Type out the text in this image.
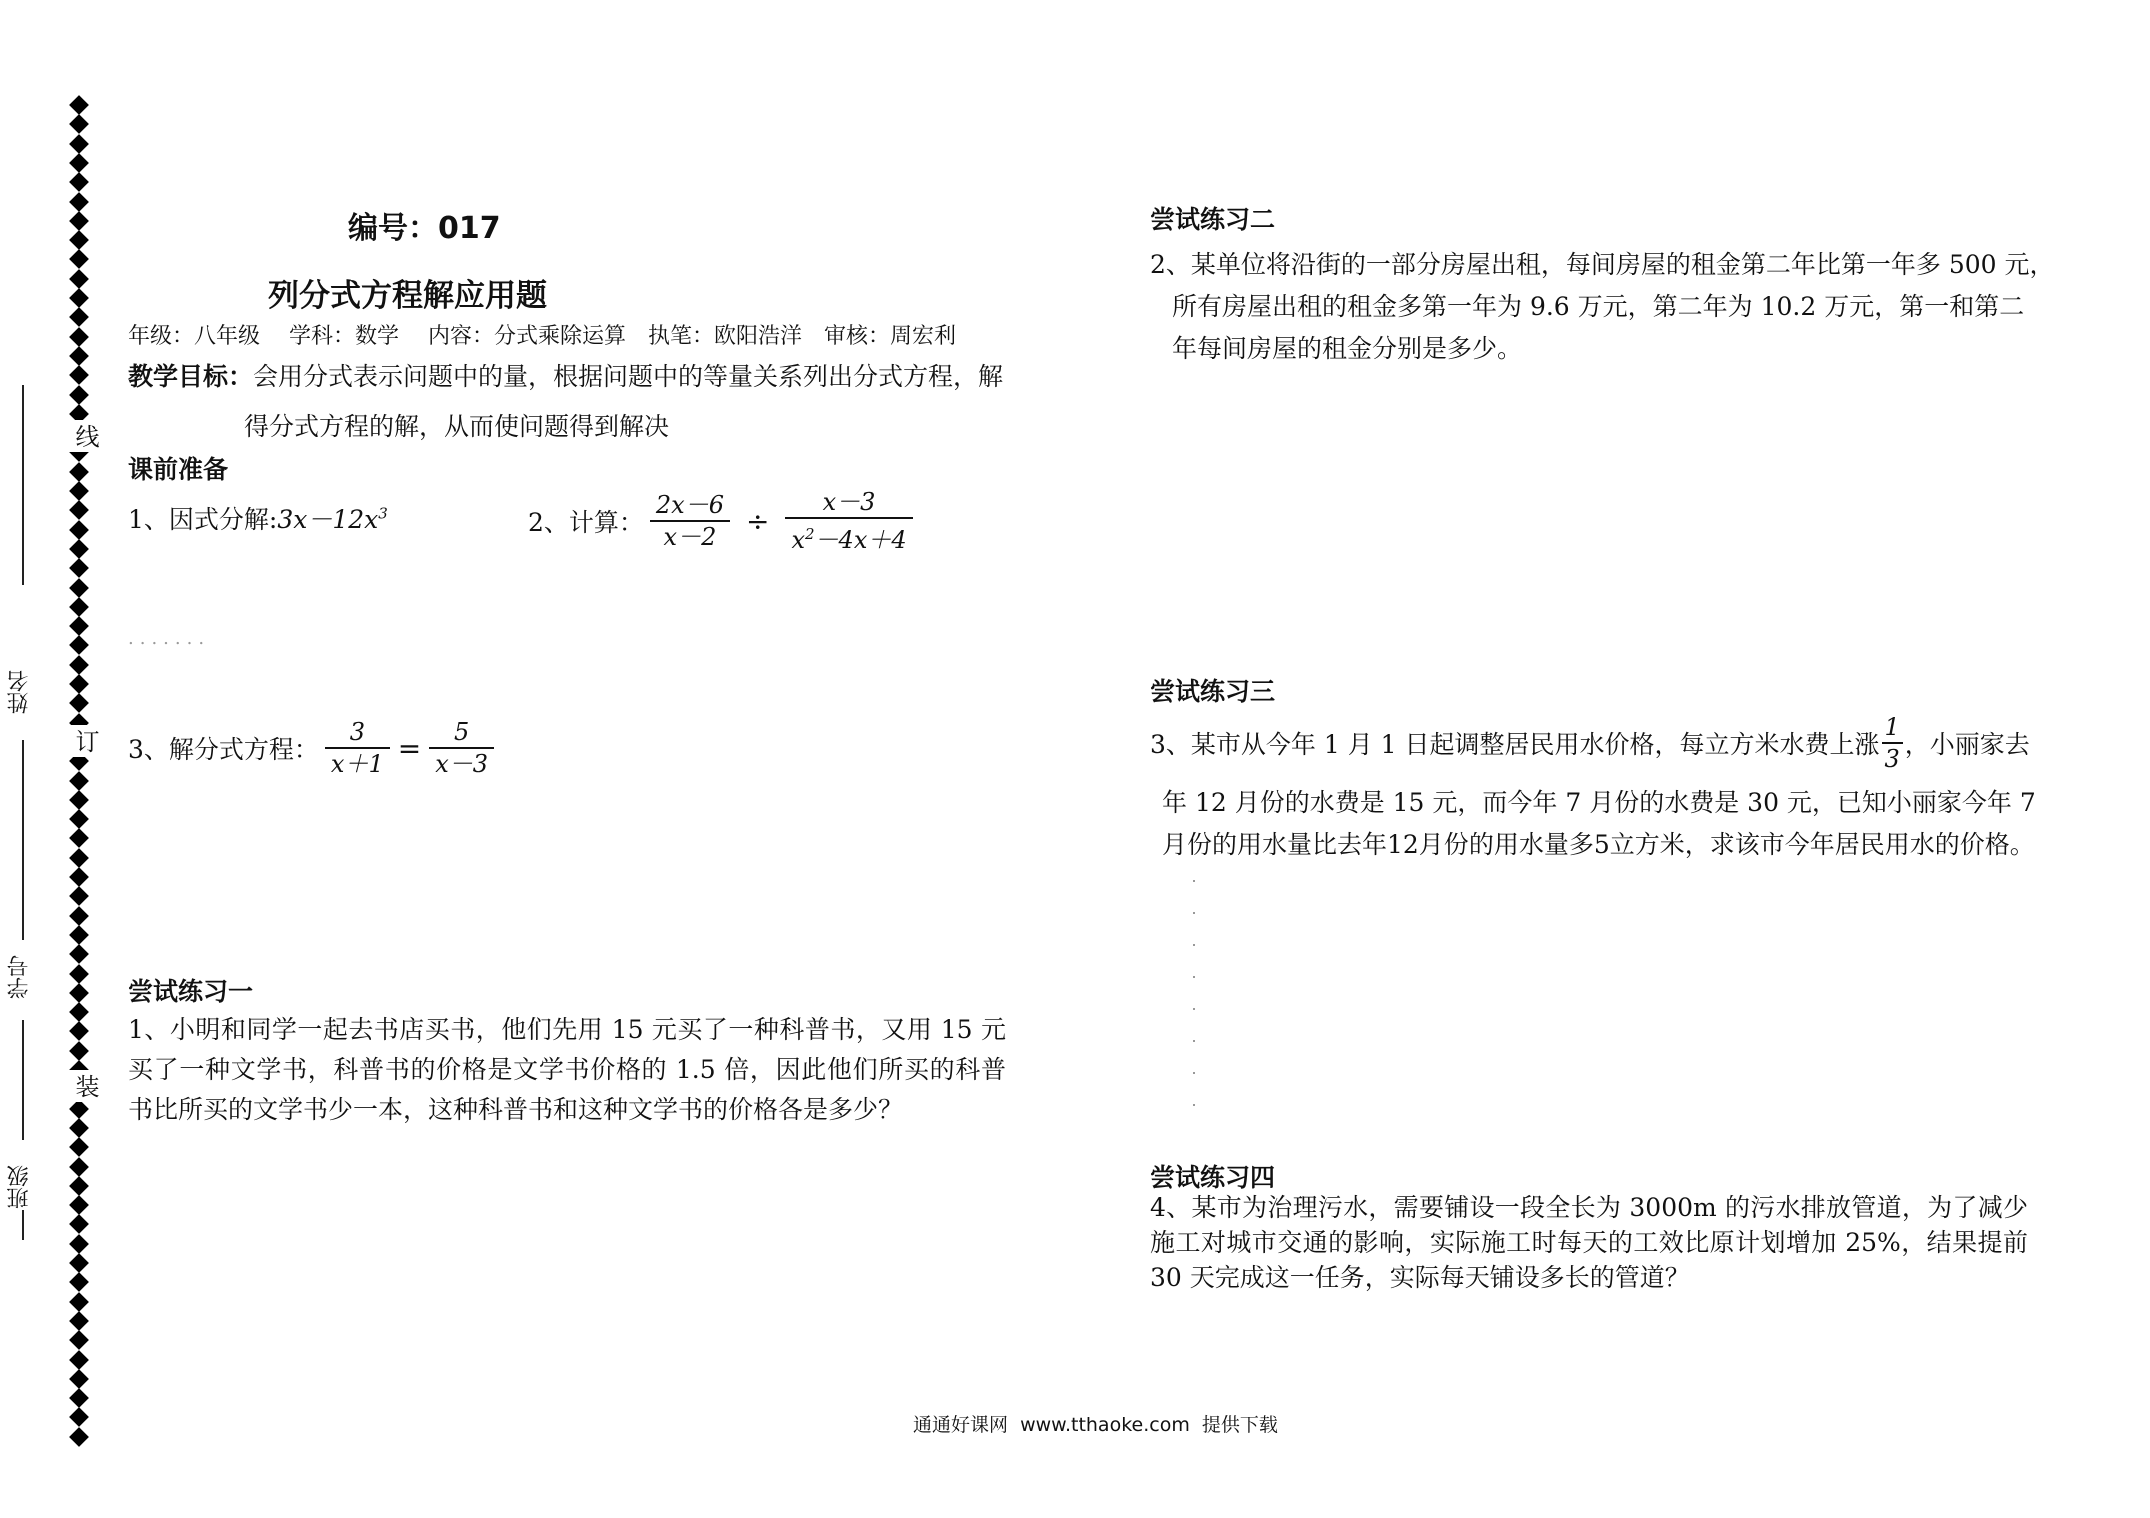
姓名
学号
班级
线
订
装
编号：017
列分式方程解应用题
年级：八年级　 学科：数学　 内容：分式乘除运算　执笔：欧阳浩洋　审核：周宏利
教学目标：会用分式表示问题中的量，根据问题中的等量关系列出分式方程，解
得分式方程的解，从而使问题得到解决
课前准备
1、因式分解$:3x-12x^3$	2、计算： $\frac{2x-6}{x-2} \div \frac{x-3}{x^2-4x+4}$
.......
3、解分式方程： $\frac{3}{x+1} = \frac{5}{x-3}$
尝试练习一
1、小明和同学一起去书店买书，他们先用 15 元买了一种科普书，又用 15 元买了一种文学书，科普书的价格是文学书价格的 1.5 倍，因此他们所买的科普书比所买的文学书少一本，这种科普书和这种文学书的价格各是多少？
尝试练习二
2、某单位将沿街的一部分房屋出租，每间房屋的租金第二年比第一年多 500 元，
所有房屋出租的租金多第一年为 9.6 万元，第二年为 10.2 万元，第一和第二
年每间房屋的租金分别是多少。
尝试练习三
3、某市从今年 1 月 1 日起调整居民用水价格，每立方米水费上涨 $\frac{1}{3}$ ，小丽家去
年 12 月份的水费是 15 元，而今年 7 月份的水费是 30 元，已知小丽家今年 7
月份的用水量比去年12月份的用水量多5立方米，求该市今年居民用水的价格。
尝试练习四
4、某市为治理污水，需要铺设一段全长为 3000m 的污水排放管道，为了减少施工对城市交通的影响，实际施工时每天的工效比原计划增加 25%，结果提前 30 天完成这一任务，实际每天铺设多长的管道？
通通好课网  www.tthaoke.com  提供下载
